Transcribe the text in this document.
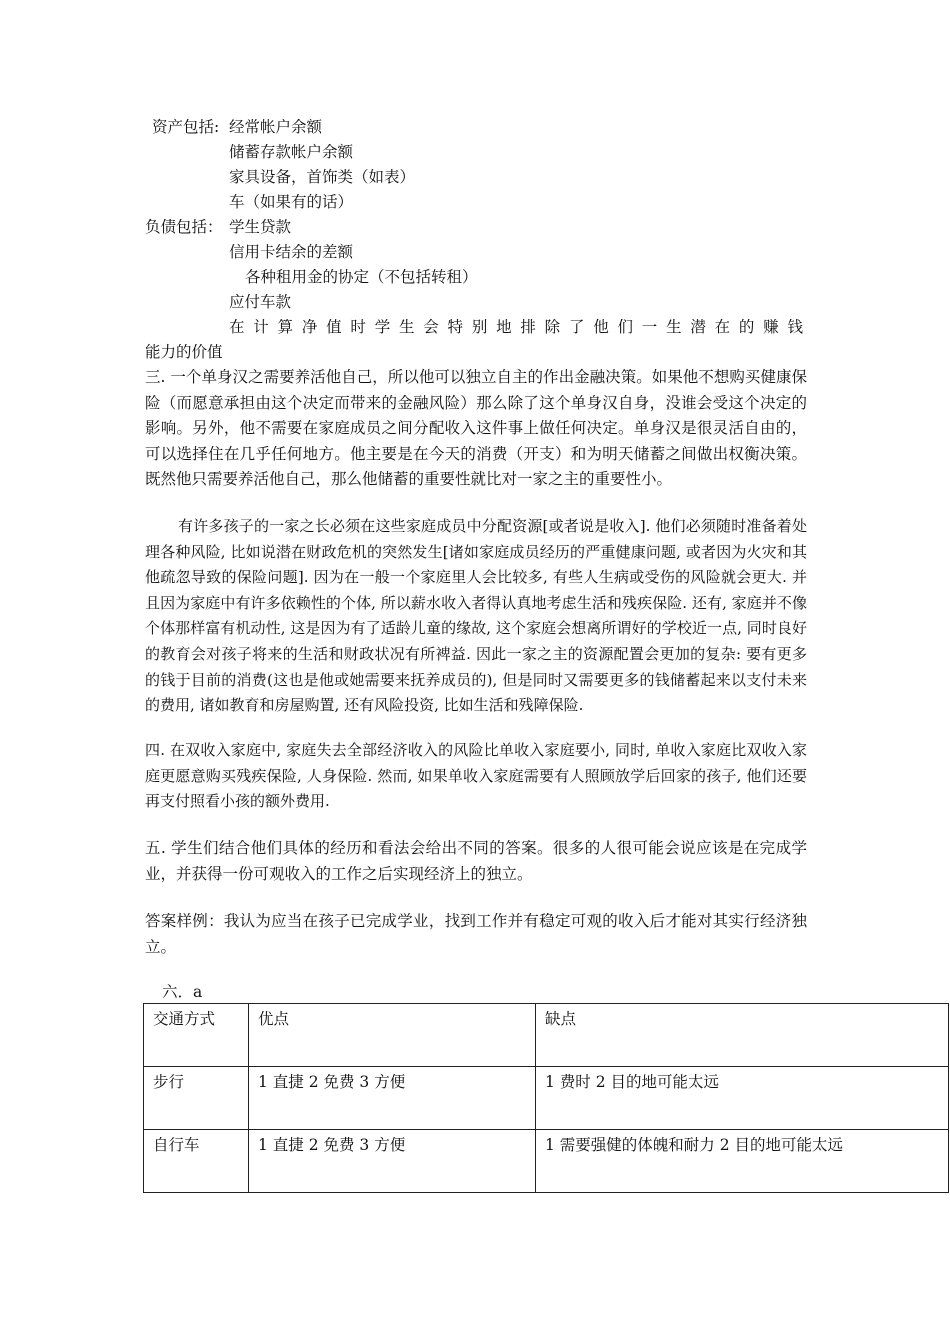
资产包括: 经常帐户余额
储蓄存款帐户余额
家具设备，首饰类（如表）
车（如果有的话）
负债包括： 学生贷款
信用卡结余的差额
各种租用金的协定（不包括转租）
应付车款
在计算净值时学生会特别地排除了他们一生潜在的赚钱
能力的价值
三. 一个单身汉之需要养活他自己，所以他可以独立自主的作出金融决策。如果他不想购买健康保险（而愿意承担由这个决定而带来的金融风险）那么除了这个单身汉自身，没谁会受这个决定的影响。另外，他不需要在家庭成员之间分配收入这件事上做任何决定。单身汉是很灵活自由的，可以选择住在几乎任何地方。他主要是在今天的消费（开支）和为明天储蓄之间做出权衡决策。既然他只需要养活他自己，那么他储蓄的重要性就比对一家之主的重要性小。
有许多孩子的一家之长必须在这些家庭成员中分配资源[或者说是收入]. 他们必须随时准备着处理各种风险, 比如说潜在财政危机的突然发生[诸如家庭成员经历的严重健康问题, 或者因为火灾和其他疏忽导致的保险问题]. 因为在一般一个家庭里人会比较多, 有些人生病或受伤的风险就会更大. 并且因为家庭中有许多依赖性的个体, 所以薪水收入者得认真地考虑生活和残疾保险. 还有, 家庭并不像个体那样富有机动性, 这是因为有了适龄儿童的缘故, 这个家庭会想离所谓好的学校近一点, 同时良好的教育会对孩子将来的生活和财政状况有所裨益. 因此一家之主的资源配置会更加的复杂: 要有更多的钱于目前的消费(这也是他或她需要来抚养成员的), 但是同时又需要更多的钱储蓄起来以支付未来的费用, 诸如教育和房屋购置, 还有风险投资, 比如生活和残障保险.
四. 在双收入家庭中, 家庭失去全部经济收入的风险比单收入家庭要小, 同时, 单收入家庭比双收入家庭更愿意购买残疾保险, 人身保险. 然而, 如果单收入家庭需要有人照顾放学后回家的孩子, 他们还要再支付照看小孩的额外费用.
五. 学生们结合他们具体的经历和看法会给出不同的答案。很多的人很可能会说应该是在完成学业，并获得一份可观收入的工作之后实现经济上的独立。
答案样例：我认为应当在孩子已完成学业，找到工作并有稳定可观的收入后才能对其实行经济独立。
六．a
交通方式	优点	缺点
步行	1 直捷 2 免费 3 方便	1 费时 2 目的地可能太远
自行车	1 直捷 2 免费 3 方便	1 需要强健的体魄和耐力 2 目的地可能太远
